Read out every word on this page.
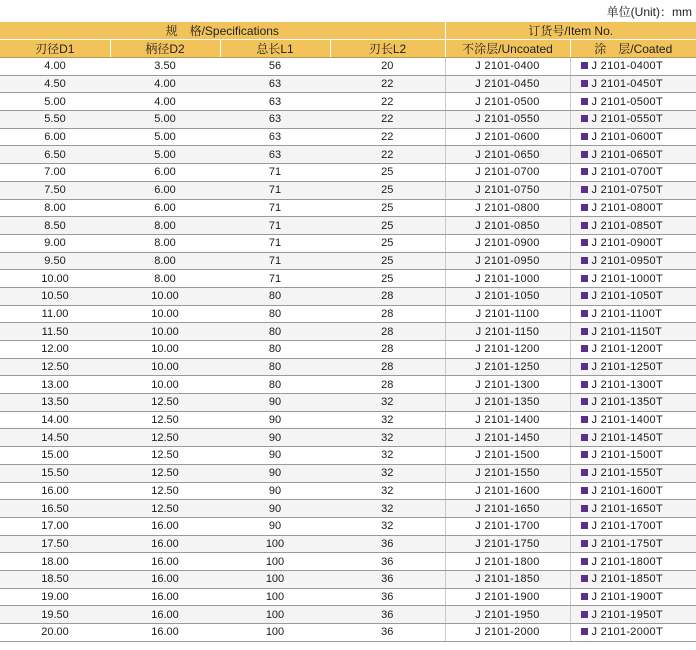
单位(Unit)：mm
规　格/Specifications				订货号/Item No.	
刃径D1	柄径D2	总长L1	刃长L2	不涂层/Uncoated	涂　层/Coated
4.00	3.50	56	20	J 2101-0400	J 2101-0400T
4.50	4.00	63	22	J 2101-0450	J 2101-0450T
5.00	4.00	63	22	J 2101-0500	J 2101-0500T
5.50	5.00	63	22	J 2101-0550	J 2101-0550T
6.00	5.00	63	22	J 2101-0600	J 2101-0600T
6.50	5.00	63	22	J 2101-0650	J 2101-0650T
7.00	6.00	71	25	J 2101-0700	J 2101-0700T
7.50	6.00	71	25	J 2101-0750	J 2101-0750T
8.00	6.00	71	25	J 2101-0800	J 2101-0800T
8.50	8.00	71	25	J 2101-0850	J 2101-0850T
9.00	8.00	71	25	J 2101-0900	J 2101-0900T
9.50	8.00	71	25	J 2101-0950	J 2101-0950T
10.00	8.00	71	25	J 2101-1000	J 2101-1000T
10.50	10.00	80	28	J 2101-1050	J 2101-1050T
11.00	10.00	80	28	J 2101-1100	J 2101-1100T
11.50	10.00	80	28	J 2101-1150	J 2101-1150T
12.00	10.00	80	28	J 2101-1200	J 2101-1200T
12.50	10.00	80	28	J 2101-1250	J 2101-1250T
13.00	10.00	80	28	J 2101-1300	J 2101-1300T
13.50	12.50	90	32	J 2101-1350	J 2101-1350T
14.00	12.50	90	32	J 2101-1400	J 2101-1400T
14.50	12.50	90	32	J 2101-1450	J 2101-1450T
15.00	12.50	90	32	J 2101-1500	J 2101-1500T
15.50	12.50	90	32	J 2101-1550	J 2101-1550T
16.00	12.50	90	32	J 2101-1600	J 2101-1600T
16.50	12.50	90	32	J 2101-1650	J 2101-1650T
17.00	16.00	90	32	J 2101-1700	J 2101-1700T
17.50	16.00	100	36	J 2101-1750	J 2101-1750T
18.00	16.00	100	36	J 2101-1800	J 2101-1800T
18.50	16.00	100	36	J 2101-1850	J 2101-1850T
19.00	16.00	100	36	J 2101-1900	J 2101-1900T
19.50	16.00	100	36	J 2101-1950	J 2101-1950T
20.00	16.00	100	36	J 2101-2000	J 2101-2000T
